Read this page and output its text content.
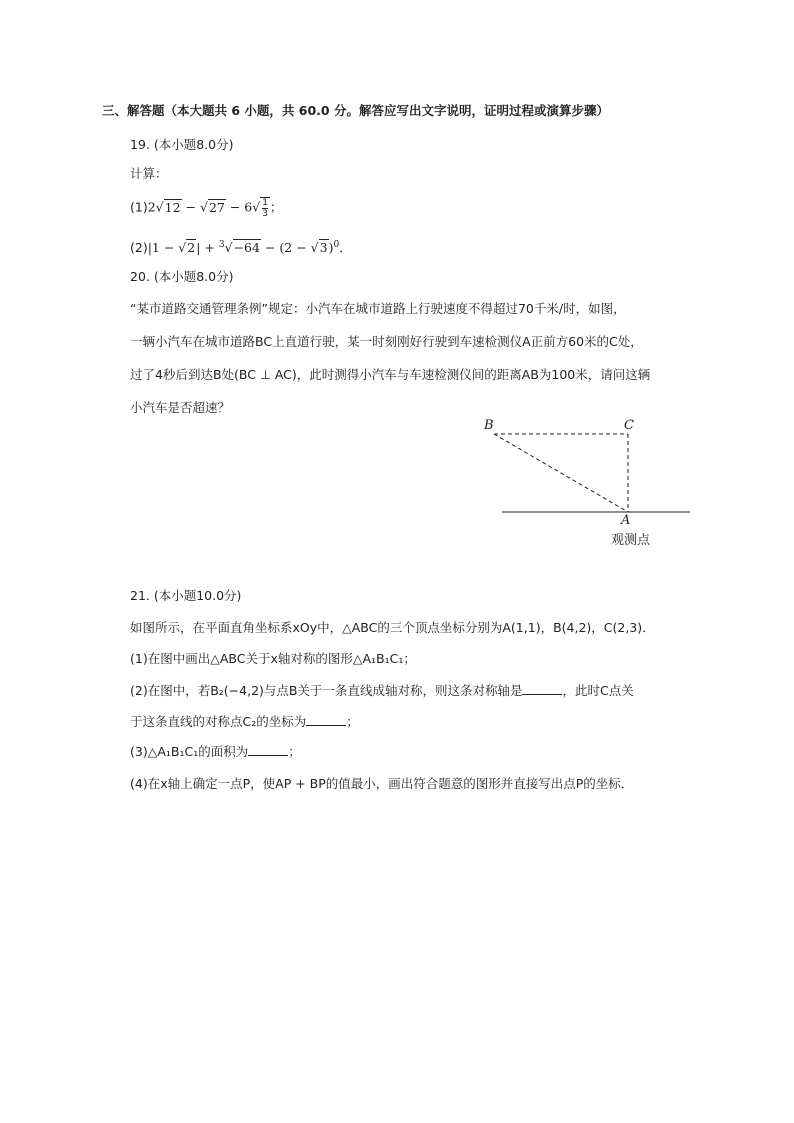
三、解答题（本大题共 6 小题，共 60.0 分。解答应写出文字说明，证明过程或演算步骤）
19. (本小题8.0分)
计算：
$(1)2√12 - √27 - 6√ \frac{1}{3}$ ；
$(2)|1 - √2| + ^3√-64 - (2 - √3)^0$．
20. (本小题8.0分)
“某市道路交通管理条例”规定：小汽车在城市道路上行驶速度不得超过70千米/时，如图，
一辆小汽车在城市道路BC上直道行驶，某一时刻刚好行驶到车速检测仪A正前方60米的C处，
过了4秒后到达B处(BC ⊥ AC)，此时测得小汽车与车速检测仪间的距离AB为100米，请问这辆
小汽车是否超速？
B	C
A
观测点
21. (本小题10.0分)
如图所示，在平面直角坐标系xOy中，△ABC的三个顶点坐标分别为A(1,1)，B(4,2)，C(2,3)．
(1)在图中画出△ABC关于x轴对称的图形△A₁B₁C₁；
(2)在图中，若B₂(−4,2)与点B关于一条直线成轴对称，则这条对称轴是	，此时C点关
于这条直线的对称点C₂的坐标为	；
(3)△A₁B₁C₁的面积为	；
(4)在x轴上确定一点P，使AP + BP的值最小，画出符合题意的图形并直接写出点P的坐标．
